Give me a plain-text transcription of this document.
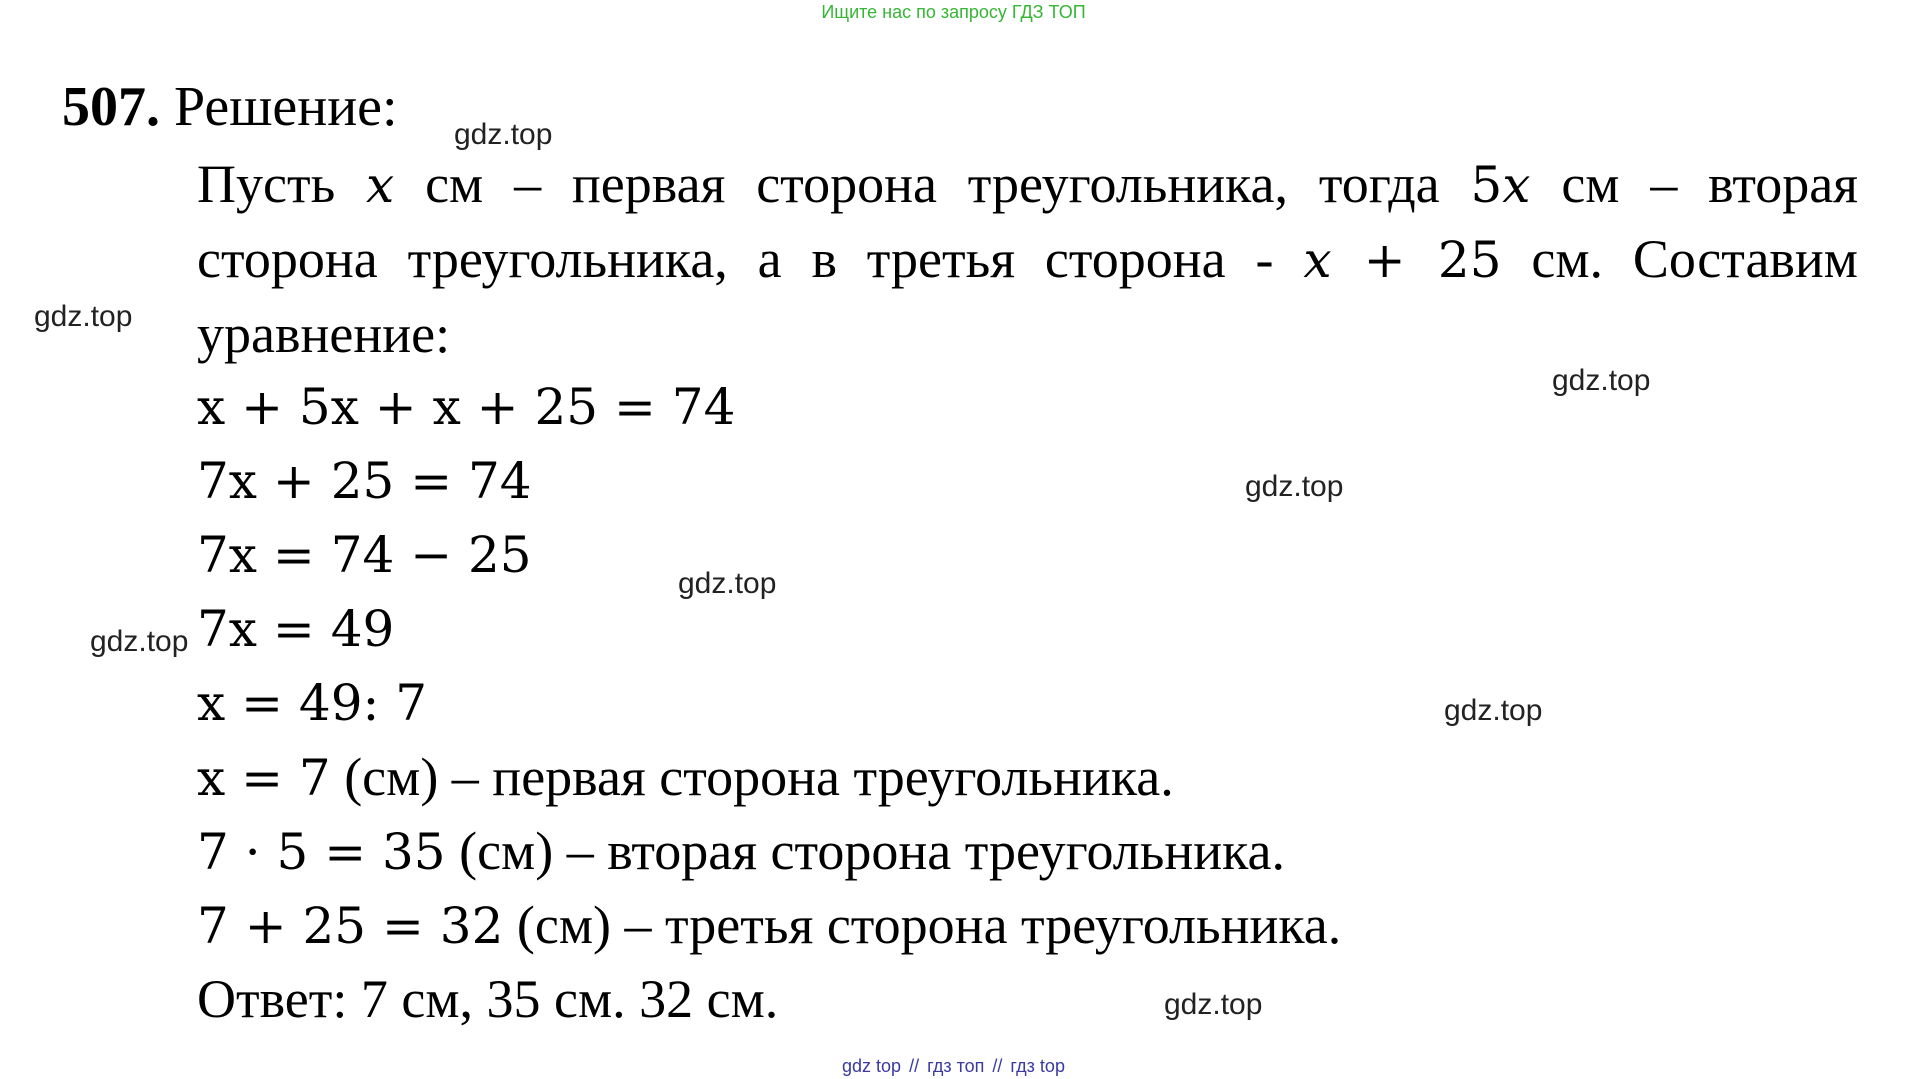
Ищите нас по запросу ГДЗ ТОП
507. Решение:
Пусть x см – первая сторона треугольника, тогда 5x см – вторая сторона треугольника, а в третья сторона - x + 25 см. Составим уравнение:
x + 5x + x + 25 = 74
7x + 25 = 74
7x = 74 − 25
7x = 49
x = 49: 7
x = 7 (см) – первая сторона треугольника.
7 · 5 = 35 (см) – вторая сторона треугольника.
7 + 25 = 32 (см) – третья сторона треугольника.
Ответ: 7 см, 35 см. 32 см.
gdz.top
gdz.top
gdz.top
gdz.top
gdz.top
gdz.top
gdz.top
gdz.top
gdz top // гдз топ // гдз top
